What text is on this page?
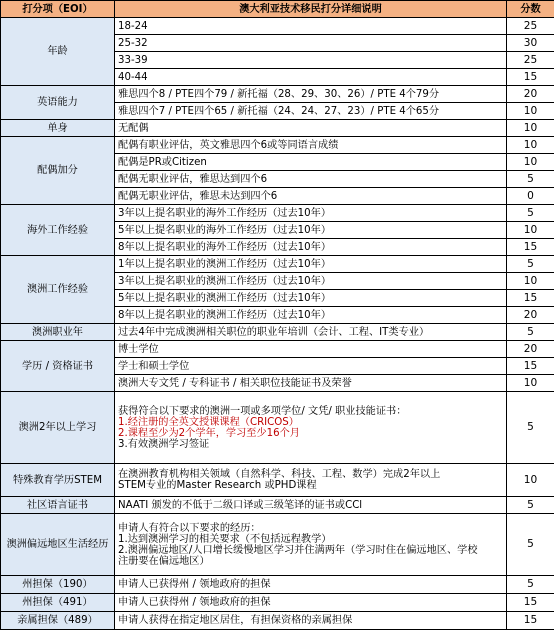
打分项（EOI）	澳大利亚技术移民打分详细说明	分数
年龄	18-24	25
	25-32	30
	33-39	25
	40-44	15
英语能力	雅思四个8 / PTE四个79 / 新托福（28、29、30、26）/ PTE 4个79分	20
	雅思四个7 / PTE四个65 / 新托福（24、24、27、23）/ PTE 4个65分	10
单身	无配偶	10
配偶加分	配偶有职业评估，英文雅思四个6或等同语言成绩	10
	配偶是PR或Citizen	10
	配偶无职业评估，雅思达到四个6	5
	配偶无职业评估，雅思未达到四个6	0
海外工作经验	3年以上提名职业的海外工作经历（过去10年）	5
	5年以上提名职业的海外工作经历（过去10年）	10
	8年以上提名职业的海外工作经历（过去10年）	15
澳洲工作经验	1年以上提名职业的澳洲工作经历（过去10年）	5
	3年以上提名职业的澳洲工作经历（过去10年）	10
	5年以上提名职业的澳洲工作经历（过去10年）	15
	8年以上提名职业的澳洲工作经历（过去10年）	20
澳洲职业年	过去4年中完成澳洲相关职位的职业年培训（会计、工程、IT类专业）	5
学历 / 资格证书	博士学位	20
	学士和硕士学位	15
	澳洲大专文凭 / 专科证书 / 相关职位技能证书及荣誉	10
澳洲2年以上学习	获得符合以下要求的澳洲一项或多项学位/ 文凭/ 职业技能证书：
1.经注册的全英文授课课程（CRICOS）
2.课程至少为2个学年，学习至少16个月
3.有效澳洲学习签证	5
特殊教育学历STEM	在澳洲教育机构相关领域（自然科学、科技、工程、数学）完成2年以上
STEM专业的Master Research 或PHD课程	10
社区语言证书	NAATI 颁发的不低于二级口译或三级笔译的证书或CCl	5
澳洲偏远地区生活经历	申请人有符合以下要求的经历：
1.达到澳洲学习的相关要求（不包括远程教学）
2.澳洲偏远地区/人口增长缓慢地区学习并住满两年（学习时住在偏远地区、学校
注册要在偏远地区）	5
州担保（190）	申请人已获得州 / 领地政府的担保	5
州担保（491）	申请人已获得州 / 领地政府的担保	15
亲属担保（489）	申请人获得在指定地区居住，有担保资格的亲属担保	15
